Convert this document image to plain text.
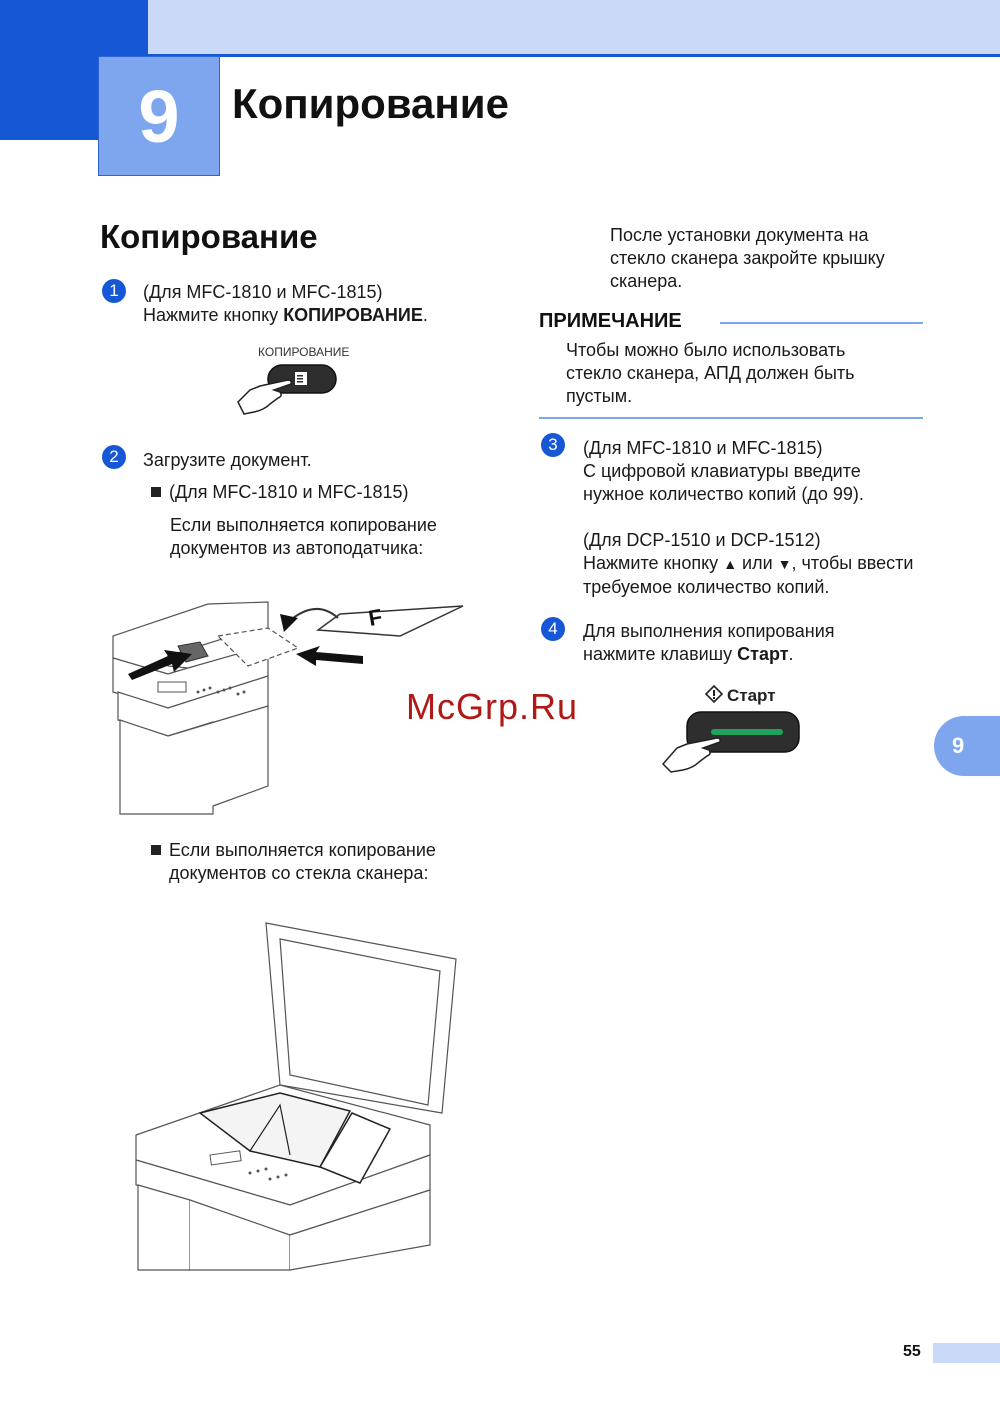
9	Копирование
Копирование
1	(Для MFC-1810 и MFC-1815)
Нажмите кнопку КОПИРОВАНИЕ.
КОПИРОВАНИЕ
2	Загрузите документ.
(Для MFC-1810 и MFC-1815)
Если выполняется копирование
документов из автоподатчика:
F
Если выполняется копирование
документов со стекла сканера:
После установки документа на
стекло сканера закройте крышку
сканера.
ПРИМЕЧАНИЕ
Чтобы можно было использовать
стекло сканера, АПД должен быть
пустым.
3	(Для MFC-1810 и MFC-1815)
С цифровой клавиатуры введите
нужное количество копий (до 99).
(Для DCP-1510 и DCP-1512)
Нажмите кнопку ▲ или ▼, чтобы ввести
требуемое количество копий.
4	Для выполнения копирования
нажмите клавишу Старт.
Старт
McGrp.Ru
9
55
